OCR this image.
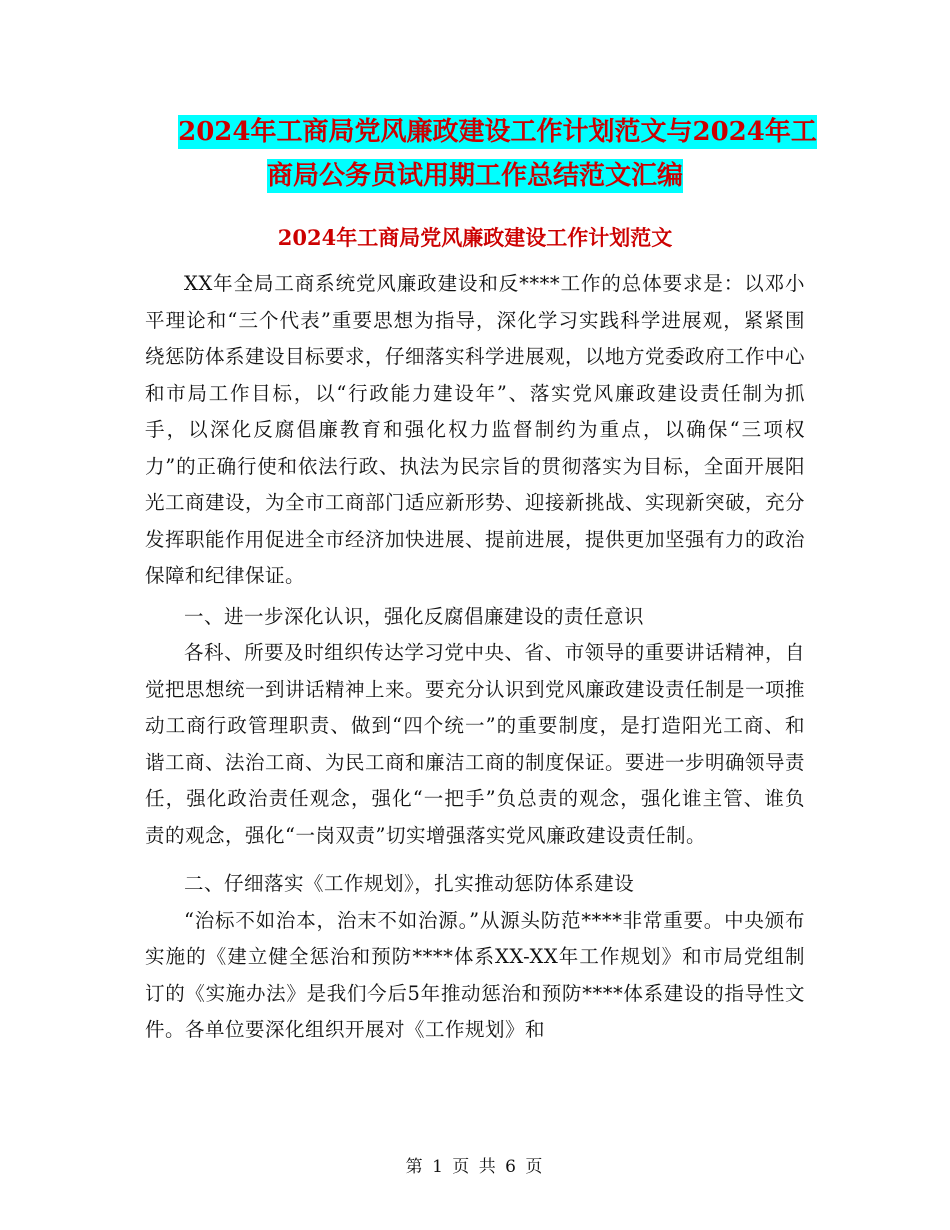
2024年工商局党风廉政建设工作计划范文与2024年工
商局公务员试用期工作总结范文汇编
2024年工商局党风廉政建设工作计划范文

XX年全局工商系统党风廉政建设和反****工作的总体要求是：以邓小平理论和“三个代表”重要思想为指导，深化学习实践科学进展观，紧紧围绕惩防体系建设目标要求，仔细落实科学进展观，以地方党委政府工作中心和市局工作目标，以“行政能力建设年”、落实党风廉政建设责任制为抓手，以深化反腐倡廉教育和强化权力监督制约为重点，以确保“三项权力”的正确行使和依法行政、执法为民宗旨的贯彻落实为目标，全面开展阳光工商建设，为全市工商部门适应新形势、迎接新挑战、实现新突破，充分发挥职能作用促进全市经济加快进展、提前进展，提供更加坚强有力的政治保障和纪律保证。

一、进一步深化认识，强化反腐倡廉建设的责任意识

各科、所要及时组织传达学习党中央、省、市领导的重要讲话精神，自觉把思想统一到讲话精神上来。要充分认识到党风廉政建设责任制是一项推动工商行政管理职责、做到“四个统一”的重要制度，是打造阳光工商、和谐工商、法治工商、为民工商和廉洁工商的制度保证。要进一步明确领导责任，强化政治责任观念，强化“一把手”负总责的观念，强化谁主管、谁负责的观念，强化“一岗双责”切实增强落实党风廉政建设责任制。

二、仔细落实《工作规划》，扎实推动惩防体系建设

“治标不如治本，治末不如治源。”从源头防范****非常重要。中央颁布实施的《建立健全惩治和预防****体系XX-XX年工作规划》和市局党组制订的《实施办法》是我们今后5年推动惩治和预防****体系建设的指导性文件。各单位要深化组织开展对《工作规划》和

第 1 页 共 6 页
